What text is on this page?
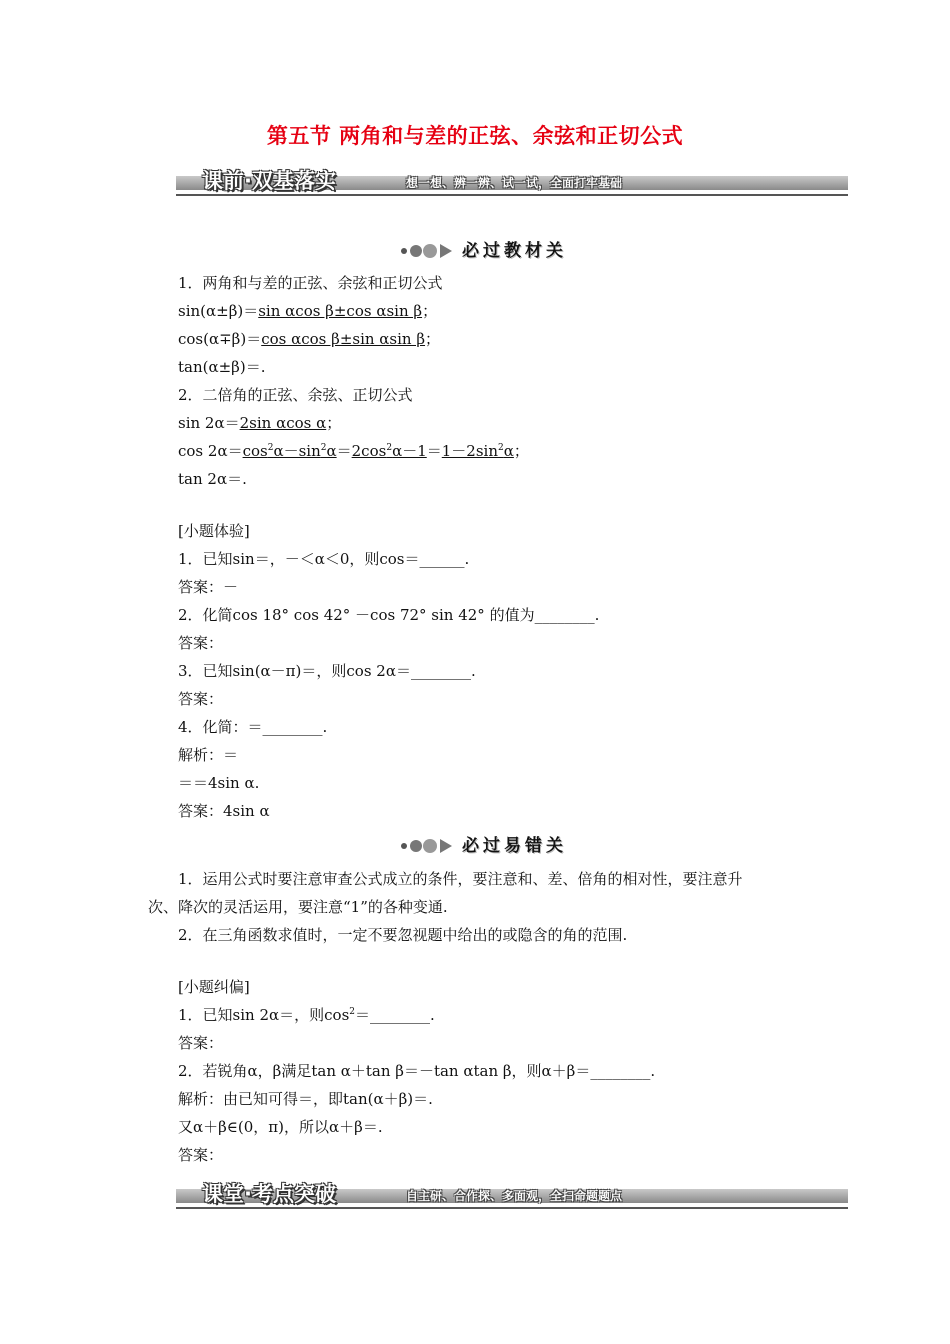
第五节 两角和与差的正弦、余弦和正切公式
课前·双基落实	想一想、辨一辨、试一试，全面打牢基础
必过教材关
1．两角和与差的正弦、余弦和正切公式
sin(α±β)＝sin αcos β±cos αsin β；
cos(α∓β)＝cos αcos β±sin αsin β；
tan(α±β)＝.
2．二倍角的正弦、余弦、正切公式
sin 2α＝2sin αcos α；
$\cos 2\alpha=\cos^2\alpha-\sin^2\alpha=2\cos^2\alpha-1=1-2\sin^2\alpha$；
tan 2α＝.
[小题体验]
1．已知sin＝，－＜α＜0，则cos＝______.
答案：－
2．化简cos 18° cos 42° －cos 72° sin 42° 的值为________.
答案：
3．已知sin(α－π)＝，则cos 2α＝________.
答案：
4．化简：＝________.
解析：＝
＝＝4sin α.
答案：4sin α
必过易错关
1．运用公式时要注意审查公式成立的条件，要注意和、差、倍角的相对性，要注意升
次、降次的灵活运用，要注意“1”的各种变通.
2．在三角函数求值时，一定不要忽视题中给出的或隐含的角的范围.
[小题纠偏]
1．已知sin 2α＝，则$\cos^2=\_\_\_\_\_\_\_\_$.
答案：
2．若锐角α，β满足tan α＋tan β＝－tan αtan β，则α＋β＝________.
解析：由已知可得＝，即tan(α＋β)＝.
又α＋β∈(0，π)，所以α＋β＝.
答案：
课堂·考点突破	自主研、合作探、多面观，全扫命题题点
